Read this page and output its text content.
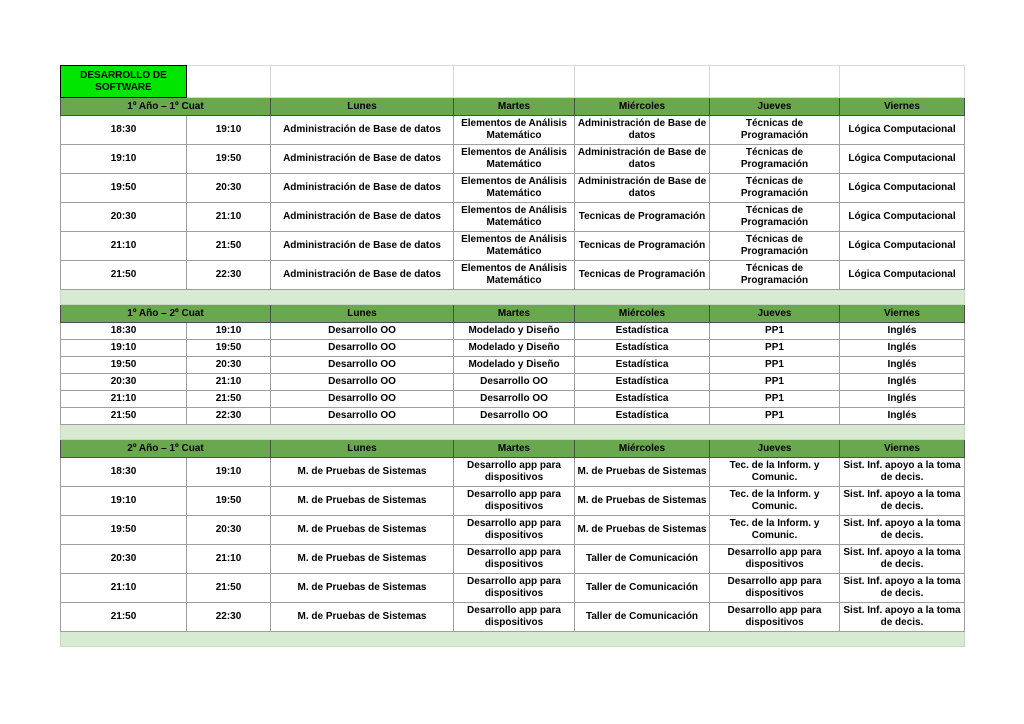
DESARROLLO DE SOFTWARE						
1º Año – 1º Cuat		Lunes	Martes	Miércoles	Jueves	Viernes
18:30	19:10	Administración de Base de datos	Elementos de Análisis Matemático	Administración de Base de datos	Técnicas de Programación	Lógica Computacional
19:10	19:50	Administración de Base de datos	Elementos de Análisis Matemático	Administración de Base de datos	Técnicas de Programación	Lógica Computacional
19:50	20:30	Administración de Base de datos	Elementos de Análisis Matemático	Administración de Base de datos	Técnicas de Programación	Lógica Computacional
20:30	21:10	Administración de Base de datos	Elementos de Análisis Matemático	Tecnicas de Programación	Técnicas de Programación	Lógica Computacional
21:10	21:50	Administración de Base de datos	Elementos de Análisis Matemático	Tecnicas de Programación	Técnicas de Programación	Lógica Computacional
21:50	22:30	Administración de Base de datos	Elementos de Análisis Matemático	Tecnicas de Programación	Técnicas de Programación	Lógica Computacional

1º Año – 2º Cuat		Lunes	Martes	Miércoles	Jueves	Viernes
18:30	19:10	Desarrollo OO	Modelado y Diseño	Estadística	PP1	Inglés
19:10	19:50	Desarrollo OO	Modelado y Diseño	Estadística	PP1	Inglés
19:50	20:30	Desarrollo OO	Modelado y Diseño	Estadística	PP1	Inglés
20:30	21:10	Desarrollo OO	Desarrollo OO	Estadística	PP1	Inglés
21:10	21:50	Desarrollo OO	Desarrollo OO	Estadística	PP1	Inglés
21:50	22:30	Desarrollo OO	Desarrollo OO	Estadística	PP1	Inglés

2º Año – 1º Cuat		Lunes	Martes	Miércoles	Jueves	Viernes
18:30	19:10	M. de Pruebas de Sistemas	Desarrollo app para dispositivos	M. de Pruebas de Sistemas	Tec. de la Inform. y Comunic.	Sist. Inf. apoyo a la toma de decis.
19:10	19:50	M. de Pruebas de Sistemas	Desarrollo app para dispositivos	M. de Pruebas de Sistemas	Tec. de la Inform. y Comunic.	Sist. Inf. apoyo a la toma de decis.
19:50	20:30	M. de Pruebas de Sistemas	Desarrollo app para dispositivos	M. de Pruebas de Sistemas	Tec. de la Inform. y Comunic.	Sist. Inf. apoyo a la toma de decis.
20:30	21:10	M. de Pruebas de Sistemas	Desarrollo app para dispositivos	Taller de Comunicación	Desarrollo app para dispositivos	Sist. Inf. apoyo a la toma de decis.
21:10	21:50	M. de Pruebas de Sistemas	Desarrollo app para dispositivos	Taller de Comunicación	Desarrollo app para dispositivos	Sist. Inf. apoyo a la toma de decis.
21:50	22:30	M. de Pruebas de Sistemas	Desarrollo app para dispositivos	Taller de Comunicación	Desarrollo app para dispositivos	Sist. Inf. apoyo a la toma de decis.
